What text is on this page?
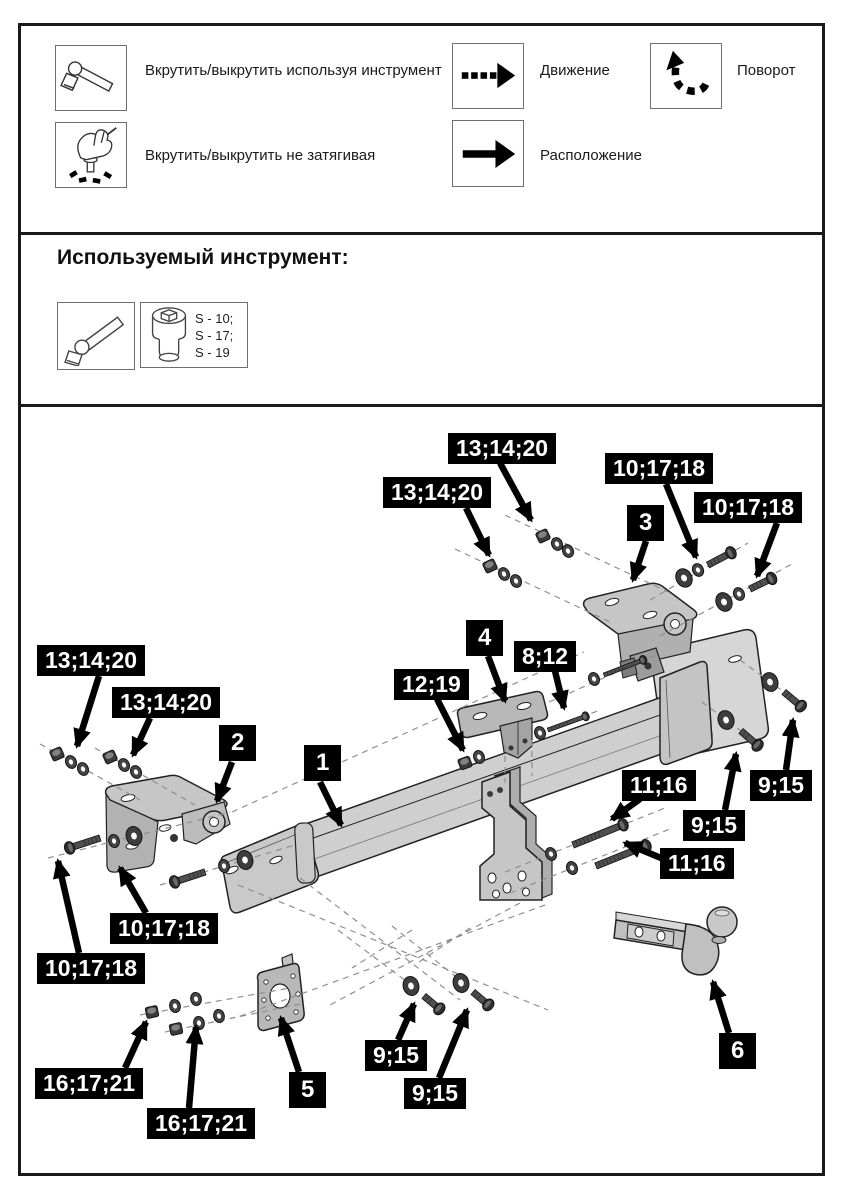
Вкрутить/выкрутить используя инструмент
Вкрутить/выкрутить не затягивая
Движение
Расположение
Поворот
Используемый инструмент:
S - 10;
S - 17;
S - 19
13;14;20
10;17;18
13;14;20
3
10;17;18
4
8;12
12;19
13;14;20
13;14;20
2
1
11;16	9;15
9;15
11;16
10;17;18
10;17;18
16;17;21
16;17;21
5
9;15
9;15
6
